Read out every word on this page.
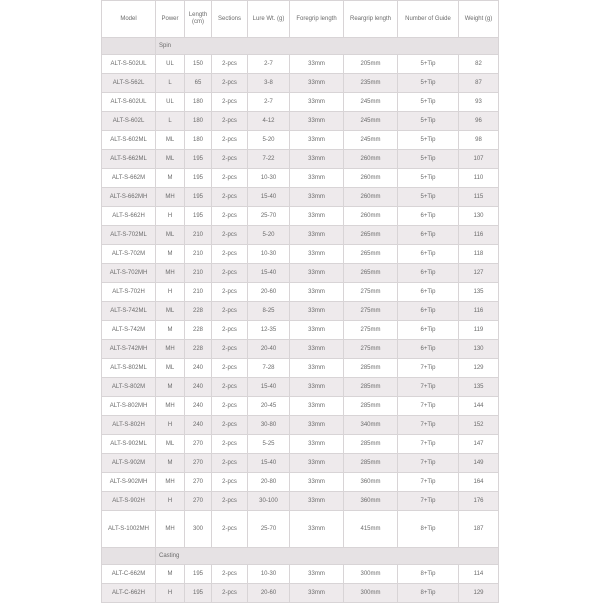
Model	Power	Length (cm)	Sections	Lure Wt. (g)	Foregrip length	Reargrip length	Number of Guide	Weight (g)
	Spin							
ALT-S-502UL	UL	150	2-pcs	2-7	33mm	205mm	5+Tip	82
ALT-S-562L	L	65	2-pcs	3-8	33mm	235mm	5+Tip	87
ALT-S-602UL	UL	180	2-pcs	2-7	33mm	245mm	5+Tip	93
ALT-S-602L	L	180	2-pcs	4-12	33mm	245mm	5+Tip	96
ALT-S-602ML	ML	180	2-pcs	5-20	33mm	245mm	5+Tip	98
ALT-S-662ML	ML	195	2-pcs	7-22	33mm	260mm	5+Tip	107
ALT-S-662M	M	195	2-pcs	10-30	33mm	260mm	5+Tip	110
ALT-S-662MH	MH	195	2-pcs	15-40	33mm	260mm	5+Tip	115
ALT-S-662H	H	195	2-pcs	25-70	33mm	260mm	6+Tip	130
ALT-S-702ML	ML	210	2-pcs	5-20	33mm	265mm	6+Tip	116
ALT-S-702M	M	210	2-pcs	10-30	33mm	265mm	6+Tip	118
ALT-S-702MH	MH	210	2-pcs	15-40	33mm	265mm	6+Tip	127
ALT-S-702H	H	210	2-pcs	20-60	33mm	275mm	6+Tip	135
ALT-S-742ML	ML	228	2-pcs	8-25	33mm	275mm	6+Tip	116
ALT-S-742M	M	228	2-pcs	12-35	33mm	275mm	6+Tip	119
ALT-S-742MH	MH	228	2-pcs	20-40	33mm	275mm	6+Tip	130
ALT-S-802ML	ML	240	2-pcs	7-28	33mm	285mm	7+Tip	129
ALT-S-802M	M	240	2-pcs	15-40	33mm	285mm	7+Tip	135
ALT-S-802MH	MH	240	2-pcs	20-45	33mm	285mm	7+Tip	144
ALT-S-802H	H	240	2-pcs	30-80	33mm	340mm	7+Tip	152
ALT-S-902ML	ML	270	2-pcs	5-25	33mm	285mm	7+Tip	147
ALT-S-902M	M	270	2-pcs	15-40	33mm	285mm	7+Tip	149
ALT-S-902MH	MH	270	2-pcs	20-80	33mm	360mm	7+Tip	164
ALT-S-902H	H	270	2-pcs	30-100	33mm	360mm	7+Tip	176
ALT-S-1002MH	MH	300	2-pcs	25-70	33mm	415mm	8+Tip	187
	Casting							
ALT-C-662M	M	195	2-pcs	10-30	33mm	300mm	8+Tip	114
ALT-C-662H	H	195	2-pcs	20-60	33mm	300mm	8+Tip	129
